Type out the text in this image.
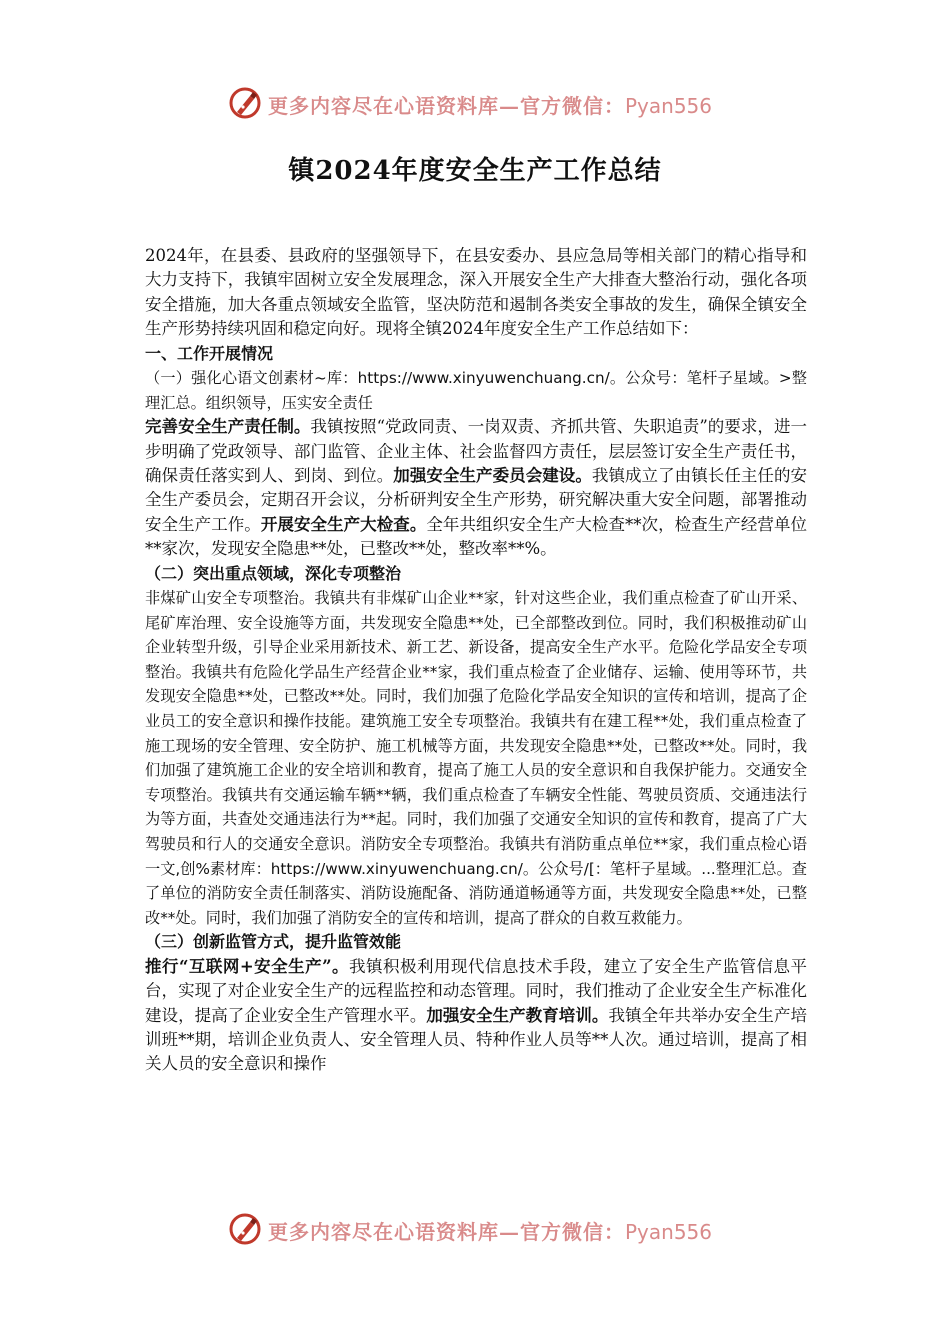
更多内容尽在心语资料库—官方微信：Pyan556
镇2024年度安全生产工作总结

2024年，在县委、县政府的坚强领导下，在县安委办、县应急局等相关部门的精心指导和大力支持下，我镇牢固树立安全发展理念，深入开展安全生产大排查大整治行动，强化各项安全措施，加大各重点领域安全监管，坚决防范和遏制各类安全事故的发生，确保全镇安全生产形势持续巩固和稳定向好。现将全镇2024年度安全生产工作总结如下：

一、工作开展情况

（一）强化心语文创素材~库：https://www.xinyuwenchuang.cn/。公众号：笔杆子星域。>整理汇总。组织领导，压实安全责任

完善安全生产责任制。我镇按照“党政同责、一岗双责、齐抓共管、失职追责”的要求，进一步明确了党政领导、部门监管、企业主体、社会监督四方责任，层层签订安全生产责任书，确保责任落实到人、到岗、到位。加强安全生产委员会建设。我镇成立了由镇长任主任的安全生产委员会，定期召开会议，分析研判安全生产形势，研究解决重大安全问题，部署推动安全生产工作。开展安全生产大检查。全年共组织安全生产大检查**次，检查生产经营单位**家次，发现安全隐患**处，已整改**处，整改率**%。

（二）突出重点领域，深化专项整治

非煤矿山安全专项整治。我镇共有非煤矿山企业**家，针对这些企业，我们重点检查了矿山开采、尾矿库治理、安全设施等方面，共发现安全隐患**处，已全部整改到位。同时，我们积极推动矿山企业转型升级，引导企业采用新技术、新工艺、新设备，提高安全生产水平。危险化学品安全专项整治。我镇共有危险化学品生产经营企业**家，我们重点检查了企业储存、运输、使用等环节，共发现安全隐患**处，已整改**处。同时，我们加强了危险化学品安全知识的宣传和培训，提高了企业员工的安全意识和操作技能。建筑施工安全专项整治。我镇共有在建工程**处，我们重点检查了施工现场的安全管理、安全防护、施工机械等方面，共发现安全隐患**处，已整改**处。同时，我们加强了建筑施工企业的安全培训和教育，提高了施工人员的安全意识和自我保护能力。交通安全专项整治。我镇共有交通运输车辆**辆，我们重点检查了车辆安全性能、驾驶员资质、交通违法行为等方面，共查处交通违法行为**起。同时，我们加强了交通安全知识的宣传和教育，提高了广大驾驶员和行人的交通安全意识。消防安全专项整治。我镇共有消防重点单位**家，我们重点检心语一文,创%素材库：https://www.xinyuwenchuang.cn/。公众号/[：笔杆子星域。...整理汇总。查了单位的消防安全责任制落实、消防设施配备、消防通道畅通等方面，共发现安全隐患**处，已整改**处。同时，我们加强了消防安全的宣传和培训，提高了群众的自救互救能力。

（三）创新监管方式，提升监管效能

推行“互联网+安全生产”。我镇积极利用现代信息技术手段，建立了安全生产监管信息平台，实现了对企业安全生产的远程监控和动态管理。同时，我们推动了企业安全生产标准化建设，提高了企业安全生产管理水平。加强安全生产教育培训。我镇全年共举办安全生产培训班**期，培训企业负责人、安全管理人员、特种作业人员等**人次。通过培训，提高了相关人员的安全意识和操作

更多内容尽在心语资料库—官方微信：Pyan556
